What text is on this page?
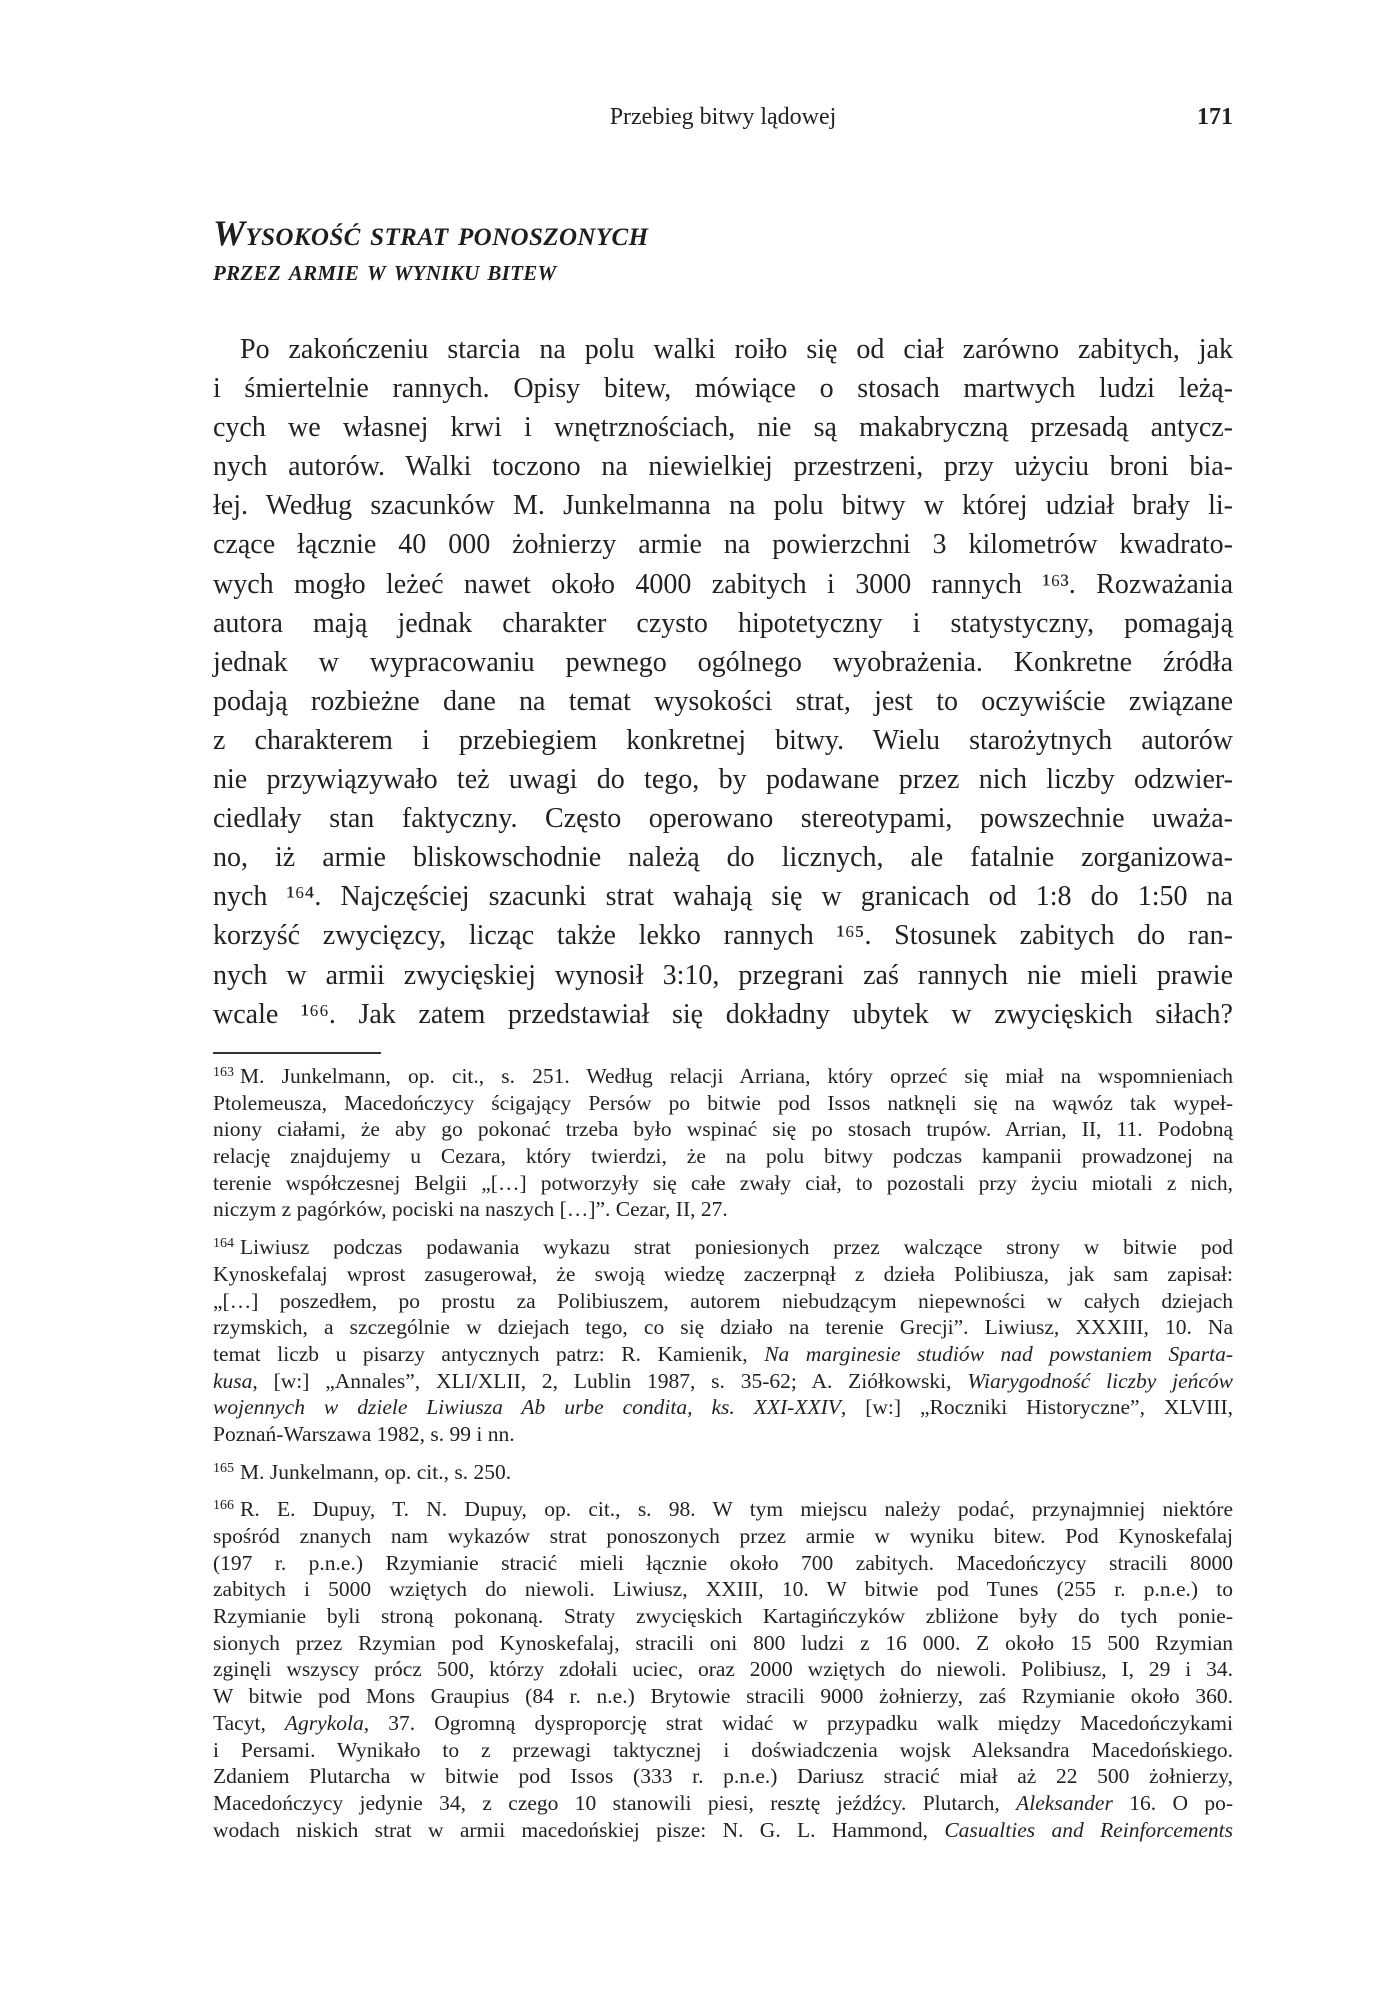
Przebieg bitwy lądowej	171
Wysokość strat ponoszonych
przez armie w wyniku bitew
Po zakończeniu starcia na polu walki roiło się od ciał zarówno zabitych, jak
i śmiertelnie rannych. Opisy bitew, mówiące o stosach martwych ludzi leżą-
cych we własnej krwi i wnętrznościach, nie są makabryczną przesadą antycz-
nych autorów. Walki toczono na niewielkiej przestrzeni, przy użyciu broni bia-
łej. Według szacunków M. Junkelmanna na polu bitwy w której udział brały li-
czące łącznie 40 000 żołnierzy armie na powierzchni 3 kilometrów kwadrato-
wych mogło leżeć nawet około 4000 zabitych i 3000 rannych ¹⁶³. Rozważania
autora mają jednak charakter czysto hipotetyczny i statystyczny, pomagają
jednak w wypracowaniu pewnego ogólnego wyobrażenia. Konkretne źródła
podają rozbieżne dane na temat wysokości strat, jest to oczywiście związane
z charakterem i przebiegiem konkretnej bitwy. Wielu starożytnych autorów
nie przywiązywało też uwagi do tego, by podawane przez nich liczby odzwier-
ciedlały stan faktyczny. Często operowano stereotypami, powszechnie uważa-
no, iż armie bliskowschodnie należą do licznych, ale fatalnie zorganizowa-
nych ¹⁶⁴. Najczęściej szacunki strat wahają się w granicach od 1:8 do 1:50 na
korzyść zwycięzcy, licząc także lekko rannych ¹⁶⁵. Stosunek zabitych do ran-
nych w armii zwycięskiej wynosił 3:10, przegrani zaś rannych nie mieli prawie
wcale ¹⁶⁶. Jak zatem przedstawiał się dokładny ubytek w zwycięskich siłach?
$^{163}$ M. Junkelmann, op. cit., s. 251. Według relacji Arriana, który oprzeć się miał na wspomnieniach
Ptolemeusza, Macedończycy ścigający Persów po bitwie pod Issos natknęli się na wąwóz tak wypeł-
niony ciałami, że aby go pokonać trzeba było wspinać się po stosach trupów. Arrian, II, 11. Podobną
relację znajdujemy u Cezara, który twierdzi, że na polu bitwy podczas kampanii prowadzonej na
terenie współczesnej Belgii „[…] potworzyły się całe zwały ciał, to pozostali przy życiu miotali z nich,
niczym z pagórków, pociski na naszych […]”. Cezar, II, 27.
$^{164}$ Liwiusz podczas podawania wykazu strat poniesionych przez walczące strony w bitwie pod
Kynoskefalaj wprost zasugerował, że swoją wiedzę zaczerpnął z dzieła Polibiusza, jak sam zapisał:
„[…] poszedłem, po prostu za Polibiuszem, autorem niebudzącym niepewności w całych dziejach
rzymskich, a szczególnie w dziejach tego, co się działo na terenie Grecji”. Liwiusz, XXXIII, 10. Na
temat liczb u pisarzy antycznych patrz: R. Kamienik, Na marginesie studiów nad powstaniem Sparta-
kusa, [w:] „Annales”, XLI/XLII, 2, Lublin 1987, s. 35-62; A. Ziółkowski, Wiarygodność liczby jeńców
wojennych w dziele Liwiusza Ab urbe condita, ks. XXI-XXIV, [w:] „Roczniki Historyczne”, XLVIII,
Poznań-Warszawa 1982, s. 99 i nn.
$^{165}$ M. Junkelmann, op. cit., s. 250.
$^{166}$ R. E. Dupuy, T. N. Dupuy, op. cit., s. 98. W tym miejscu należy podać, przynajmniej niektóre
spośród znanych nam wykazów strat ponoszonych przez armie w wyniku bitew. Pod Kynoskefalaj
(197 r. p.n.e.) Rzymianie stracić mieli łącznie około 700 zabitych. Macedończycy stracili 8000
zabitych i 5000 wziętych do niewoli. Liwiusz, XXIII, 10. W bitwie pod Tunes (255 r. p.n.e.) to
Rzymianie byli stroną pokonaną. Straty zwycięskich Kartagińczyków zbliżone były do tych ponie-
sionych przez Rzymian pod Kynoskefalaj, stracili oni 800 ludzi z 16 000. Z około 15 500 Rzymian
zginęli wszyscy prócz 500, którzy zdołali uciec, oraz 2000 wziętych do niewoli. Polibiusz, I, 29 i 34.
W bitwie pod Mons Graupius (84 r. n.e.) Brytowie stracili 9000 żołnierzy, zaś Rzymianie około 360.
Tacyt, Agrykola, 37. Ogromną dysproporcję strat widać w przypadku walk między Macedończykami
i Persami. Wynikało to z przewagi taktycznej i doświadczenia wojsk Aleksandra Macedońskiego.
Zdaniem Plutarcha w bitwie pod Issos (333 r. p.n.e.) Dariusz stracić miał aż 22 500 żołnierzy,
Macedończycy jedynie 34, z czego 10 stanowili piesi, resztę jeźdźcy. Plutarch, Aleksander 16. O po-
wodach niskich strat w armii macedońskiej pisze: N. G. L. Hammond, Casualties and Reinforcements
